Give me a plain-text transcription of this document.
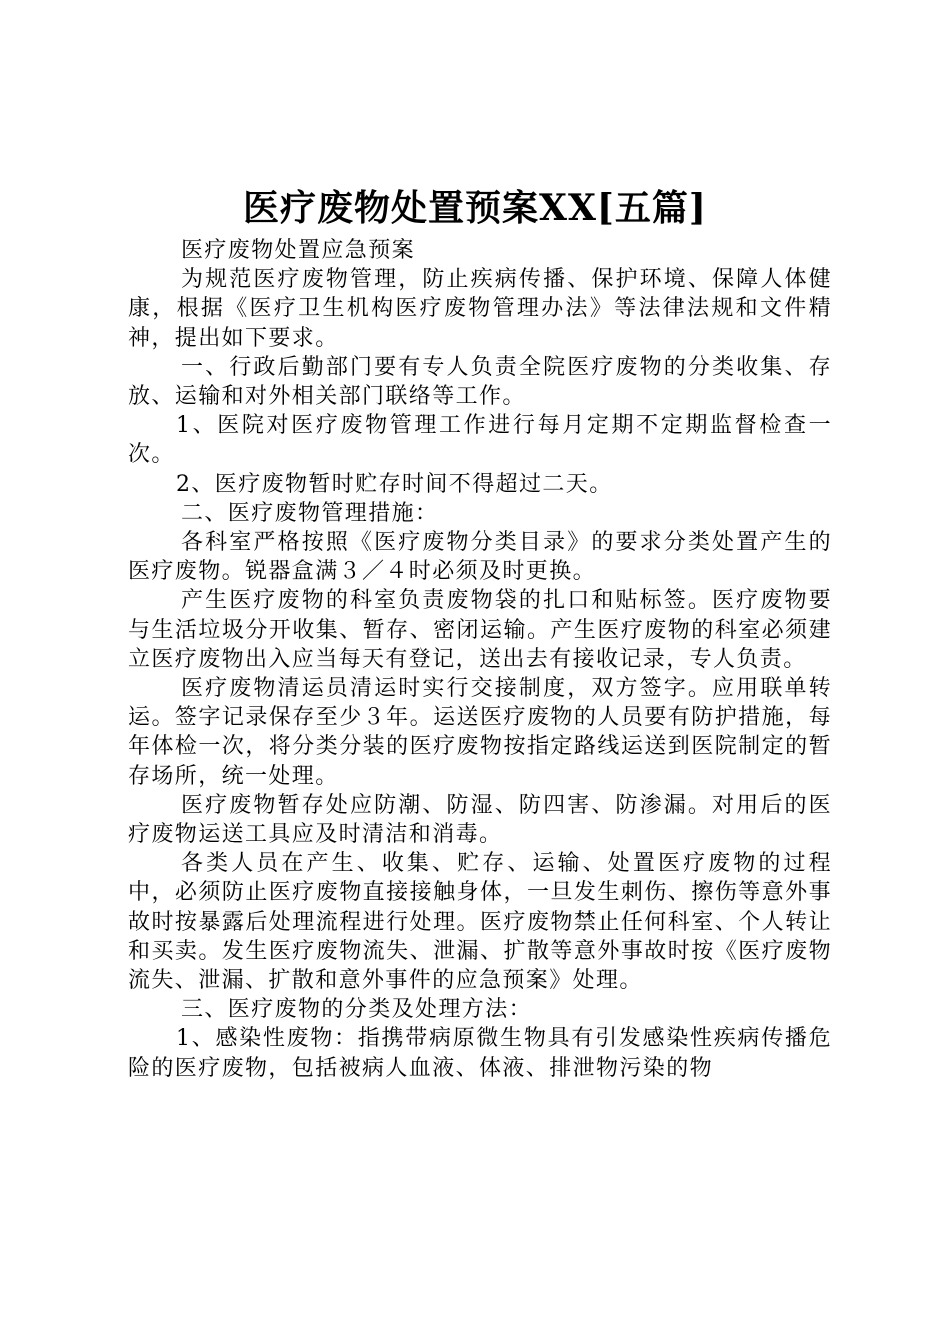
医疗废物处置预案XX[五篇]

医疗废物处置应急预案

为规范医疗废物管理，防止疾病传播、保护环境、保障人体健康，根据《医疗卫生机构医疗废物管理办法》等法律法规和文件精神，提出如下要求。

一、行政后勤部门要有专人负责全院医疗废物的分类收集、存放、运输和对外相关部门联络等工作。

1、医院对医疗废物管理工作进行每月定期不定期监督检查一次。

2、医疗废物暂时贮存时间不得超过二天。

二、医疗废物管理措施：

各科室严格按照《医疗废物分类目录》的要求分类处置产生的医疗废物。锐器盒满３／４时必须及时更换。

产生医疗废物的科室负责废物袋的扎口和贴标签。医疗废物要与生活垃圾分开收集、暂存、密闭运输。产生医疗废物的科室必须建立医疗废物出入应当每天有登记，送出去有接收记录，专人负责。

医疗废物清运员清运时实行交接制度，双方签字。应用联单转运。签字记录保存至少３年。运送医疗废物的人员要有防护措施，每年体检一次，将分类分装的医疗废物按指定路线运送到医院制定的暂存场所，统一处理。

医疗废物暂存处应防潮、防湿、防四害、防渗漏。对用后的医疗废物运送工具应及时清洁和消毒。

各类人员在产生、收集、贮存、运输、处置医疗废物的过程中，必须防止医疗废物直接接触身体，一旦发生刺伤、擦伤等意外事故时按暴露后处理流程进行处理。医疗废物禁止任何科室、个人转让和买卖。发生医疗废物流失、泄漏、扩散等意外事故时按《医疗废物流失、泄漏、扩散和意外事件的应急预案》处理。

三、医疗废物的分类及处理方法：

1、感染性废物：指携带病原微生物具有引发感染性疾病传播危险的医疗废物，包括被病人血液、体液、排泄物污染的物
